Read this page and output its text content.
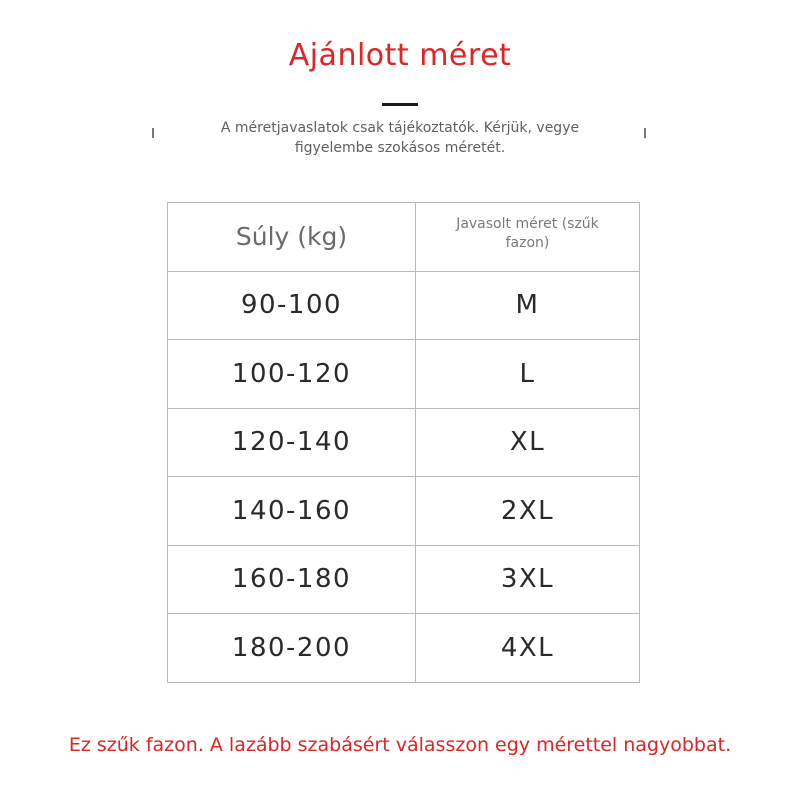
Ajánlott méret
A méretjavaslatok csak tájékoztatók. Kérjük, vegye figyelembe szokásos méretét.
Súly (kg)	Javasolt méret (szűk fazon)
90-100	M
100-120	L
120-140	XL
140-160	2XL
160-180	3XL
180-200	4XL
Ez szűk fazon. A lazább szabásért válasszon egy mérettel nagyobbat.
